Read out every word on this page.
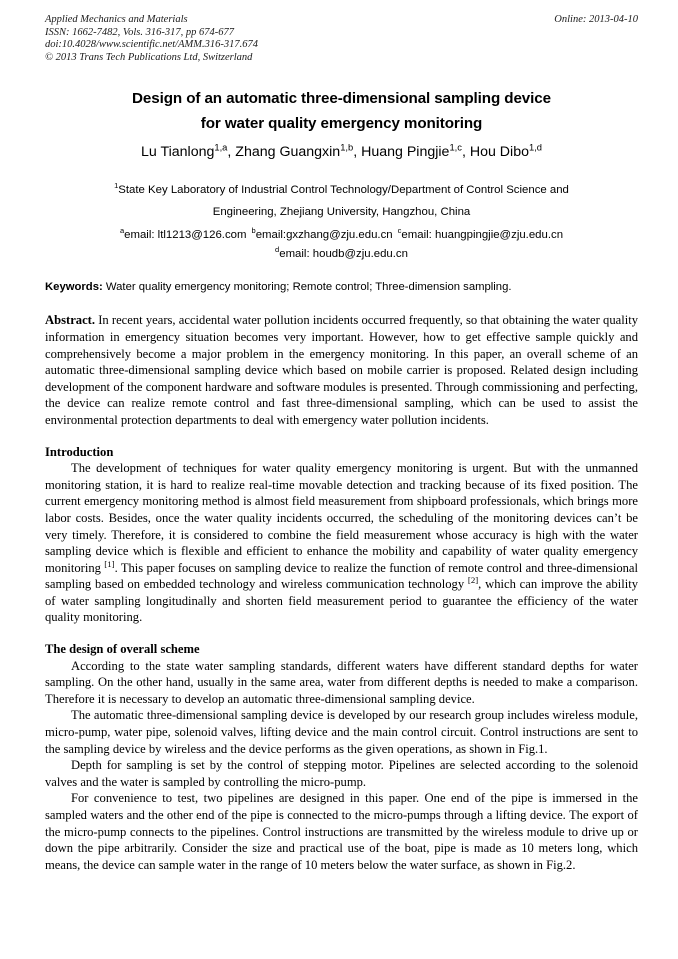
Applied Mechanics and Materials	Online: 2013-04-10
ISSN: 1662-7482, Vols. 316-317, pp 674-677
doi:10.4028/www.scientific.net/AMM.316-317.674
© 2013 Trans Tech Publications Ltd, Switzerland
Design of an automatic three-dimensional sampling device
for water quality emergency monitoring
Lu Tianlong$^{1,a}$, Zhang Guangxin$^{1,b}$, Huang Pingjie$^{1,c}$, Hou Dibo$^{1,d}$
$^1$State Key Laboratory of Industrial Control Technology/Department of Control Science and
Engineering, Zhejiang University, Hangzhou, China
$^a$email: ltl1213@126.com $^b$email:gxzhang@zju.edu.cn $^c$email: huangpingjie@zju.edu.cn
$^d$email: houdb@zju.edu.cn
Keywords: Water quality emergency monitoring; Remote control; Three-dimension sampling.
Abstract. In recent years, accidental water pollution incidents occurred frequently, so that obtaining the water quality information in emergency situation becomes very important. However, how to get effective sample quickly and comprehensively become a major problem in the emergency monitoring. In this paper, an overall scheme of an automatic three-dimensional sampling device which based on mobile carrier is proposed. Related design including development of the component hardware and software modules is presented. Through commissioning and perfecting, the device can realize remote control and fast three-dimensional sampling, which can be used to assist the environmental protection departments to deal with emergency water pollution incidents.
Introduction

The development of techniques for water quality emergency monitoring is urgent. But with the unmanned monitoring station, it is hard to realize real-time movable detection and tracking because of its fixed position. The current emergency monitoring method is almost field measurement from shipboard professionals, which brings more labor costs. Besides, once the water quality incidents occurred, the scheduling of the monitoring devices can’t be very timely. Therefore, it is considered to combine the field measurement whose accuracy is high with the water sampling device which is flexible and efficient to enhance the mobility and capability of water quality emergency monitoring [1]. This paper focuses on sampling device to realize the function of remote control and three-dimensional sampling based on embedded technology and wireless communication technology [2], which can improve the ability of water sampling longitudinally and shorten field measurement period to guarantee the efficiency of the water quality monitoring.

The design of overall scheme

According to the state water sampling standards, different waters have different standard depths for water sampling. On the other hand, usually in the same area, water from different depths is needed to make a comparison. Therefore it is necessary to develop an automatic three-dimensional sampling device.

The automatic three-dimensional sampling device is developed by our research group includes wireless module, micro-pump, water pipe, solenoid valves, lifting device and the main control circuit. Control instructions are sent to the sampling device by wireless and the device performs as the given operations, as shown in Fig.1.

Depth for sampling is set by the control of stepping motor. Pipelines are selected according to the solenoid valves and the water is sampled by controlling the micro-pump.

For convenience to test, two pipelines are designed in this paper. One end of the pipe is immersed in the sampled waters and the other end of the pipe is connected to the micro-pumps through a lifting device. The export of the micro-pump connects to the pipelines. Control instructions are transmitted by the wireless module to drive up or down the pipe arbitrarily. Consider the size and practical use of the boat, pipe is made as 10 meters long, which means, the device can sample water in the range of 10 meters below the water surface, as shown in Fig.2.
